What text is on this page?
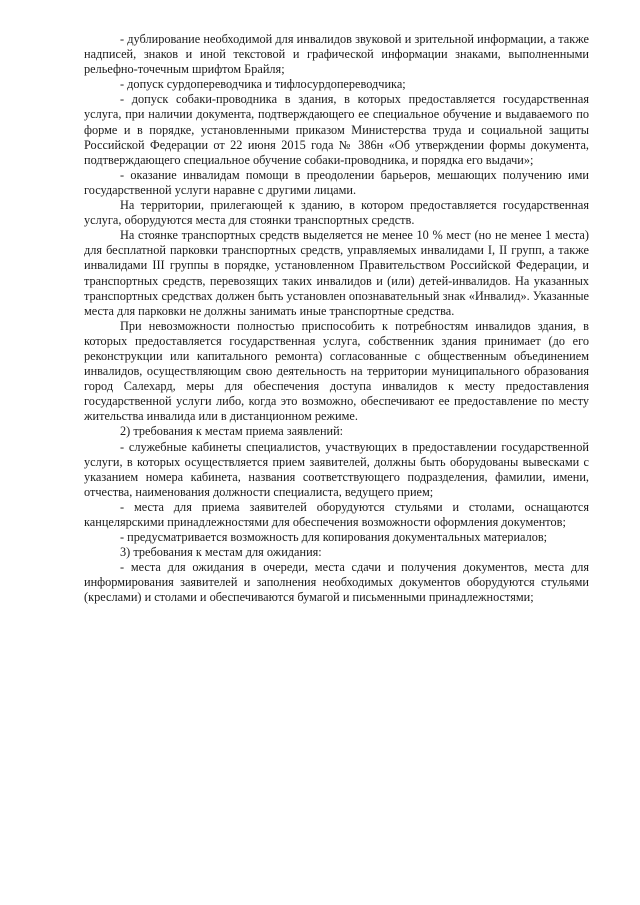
- дублирование необходимой для инвалидов звуковой и зрительной информации, а также надписей, знаков и иной текстовой и графической информации знаками, выполненными рельефно-точечным шрифтом Брайля;

- допуск сурдопереводчика и тифлосурдопереводчика;

- допуск собаки-проводника в здания, в которых предоставляется государственная услуга, при наличии документа, подтверждающего ее специальное обучение и выдаваемого по форме и в порядке, установленными приказом Министерства труда и социальной защиты Российской Федерации от 22 июня 2015 года № 386н «Об утверждении формы документа, подтверждающего специальное обучение собаки-проводника, и порядка его выдачи»;

- оказание инвалидам помощи в преодолении барьеров, мешающих получению ими государственной услуги наравне с другими лицами.

На территории, прилегающей к зданию, в котором предоставляется государственная услуга, оборудуются места для стоянки транспортных средств.

На стоянке транспортных средств выделяется не менее 10 % мест (но не менее 1 места) для бесплатной парковки транспортных средств, управляемых инвалидами I, II групп, а также инвалидами III группы в порядке, установленном Правительством Российской Федерации, и транспортных средств, перевозящих таких инвалидов и (или) детей-инвалидов. На указанных транспортных средствах должен быть установлен опознавательный знак «Инвалид». Указанные места для парковки не должны занимать иные транспортные средства.

При невозможности полностью приспособить к потребностям инвалидов здания, в которых предоставляется государственная услуга, собственник здания принимает (до его реконструкции или капитального ремонта) согласованные с общественным объединением инвалидов, осуществляющим свою деятельность на территории муниципального образования город Салехард, меры для обеспечения доступа инвалидов к месту предоставления государственной услуги либо, когда это возможно, обеспечивают ее предоставление по месту жительства инвалида или в дистанционном режиме.

2) требования к местам приема заявлений:

- служебные кабинеты специалистов, участвующих в предоставлении государственной услуги, в которых осуществляется прием заявителей, должны быть оборудованы вывесками с указанием номера кабинета, названия соответствующего подразделения, фамилии, имени, отчества, наименования должности специалиста, ведущего прием;

- места для приема заявителей оборудуются стульями и столами, оснащаются канцелярскими принадлежностями для обеспечения возможности оформления документов;

- предусматривается возможность для копирования документальных материалов;

3) требования к местам для ожидания:

- места для ожидания в очереди, места сдачи и получения документов, места для информирования заявителей и заполнения необходимых документов оборудуются стульями (креслами) и столами и обеспечиваются бумагой и письменными принадлежностями;
